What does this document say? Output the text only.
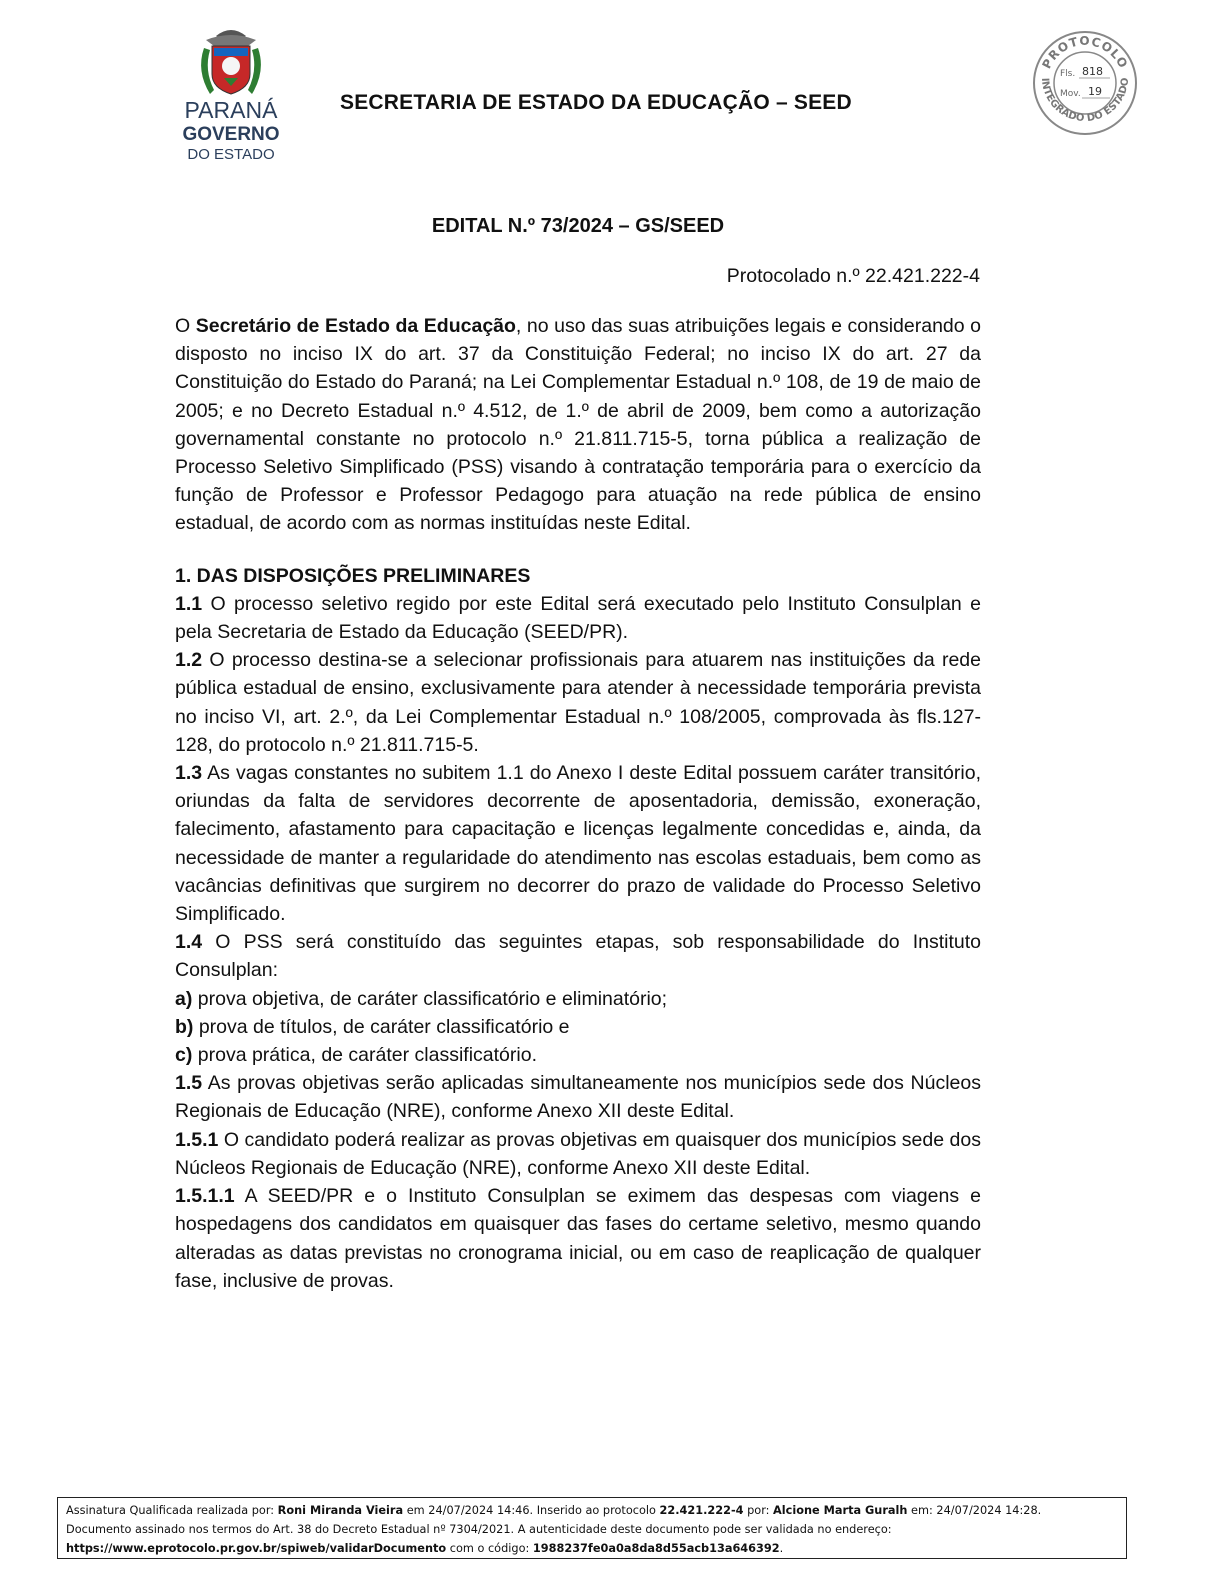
PARANÁ
GOVERNO
DO ESTADO
SECRETARIA DE ESTADO DA EDUCAÇÃO – SEED
PROTOCOLO
INTEGRADO DO ESTADO
Fls. 818
Mov. 19
EDITAL N.º 73/2024 – GS/SEED
Protocolado n.º 22.421.222-4

O Secretário de Estado da Educação, no uso das suas atribuições legais e considerando o disposto no inciso IX do art. 37 da Constituição Federal; no inciso IX do art. 27 da Constituição do Estado do Paraná; na Lei Complementar Estadual n.º 108, de 19 de maio de 2005; e no Decreto Estadual n.º 4.512, de 1.º de abril de 2009, bem como a autorização governamental constante no protocolo n.º 21.811.715-5, torna pública a realização de Processo Seletivo Simplificado (PSS) visando à contratação temporária para o exercício da função de Professor e Professor Pedagogo para atuação na rede pública de ensino estadual, de acordo com as normas instituídas neste Edital.

1. DAS DISPOSIÇÕES PRELIMINARES

1.1 O processo seletivo regido por este Edital será executado pelo Instituto Consulplan e pela Secretaria de Estado da Educação (SEED/PR).

1.2 O processo destina-se a selecionar profissionais para atuarem nas instituições da rede pública estadual de ensino, exclusivamente para atender à necessidade temporária prevista no inciso VI, art. 2.º, da Lei Complementar Estadual n.º 108/2005, comprovada às fls.127-128, do protocolo n.º 21.811.715-5.

1.3 As vagas constantes no subitem 1.1 do Anexo I deste Edital possuem caráter transitório, oriundas da falta de servidores decorrente de aposentadoria, demissão, exoneração, falecimento, afastamento para capacitação e licenças legalmente concedidas e, ainda, da necessidade de manter a regularidade do atendimento nas escolas estaduais, bem como as vacâncias definitivas que surgirem no decorrer do prazo de validade do Processo Seletivo Simplificado.

1.4 O PSS será constituído das seguintes etapas, sob responsabilidade do Instituto Consulplan:

a) prova objetiva, de caráter classificatório e eliminatório;

b) prova de títulos, de caráter classificatório e

c) prova prática, de caráter classificatório.

1.5 As provas objetivas serão aplicadas simultaneamente nos municípios sede dos Núcleos Regionais de Educação (NRE), conforme Anexo XII deste Edital.

1.5.1 O candidato poderá realizar as provas objetivas em quaisquer dos municípios sede dos Núcleos Regionais de Educação (NRE), conforme Anexo XII deste Edital.

1.5.1.1 A SEED/PR e o Instituto Consulplan se eximem das despesas com viagens e hospedagens dos candidatos em quaisquer das fases do certame seletivo, mesmo quando alteradas as datas previstas no cronograma inicial, ou em caso de reaplicação de qualquer fase, inclusive de provas.

Assinatura Qualificada realizada por: Roni Miranda Vieira em 24/07/2024 14:46. Inserido ao protocolo 22.421.222-4 por: Alcione Marta Guralh em: 24/07/2024 14:28.
Documento assinado nos termos do Art. 38 do Decreto Estadual nº 7304/2021. A autenticidade deste documento pode ser validada no endereço:
https://www.eprotocolo.pr.gov.br/spiweb/validarDocumento com o código: 1988237fe0a0a8da8d55acb13a646392.
